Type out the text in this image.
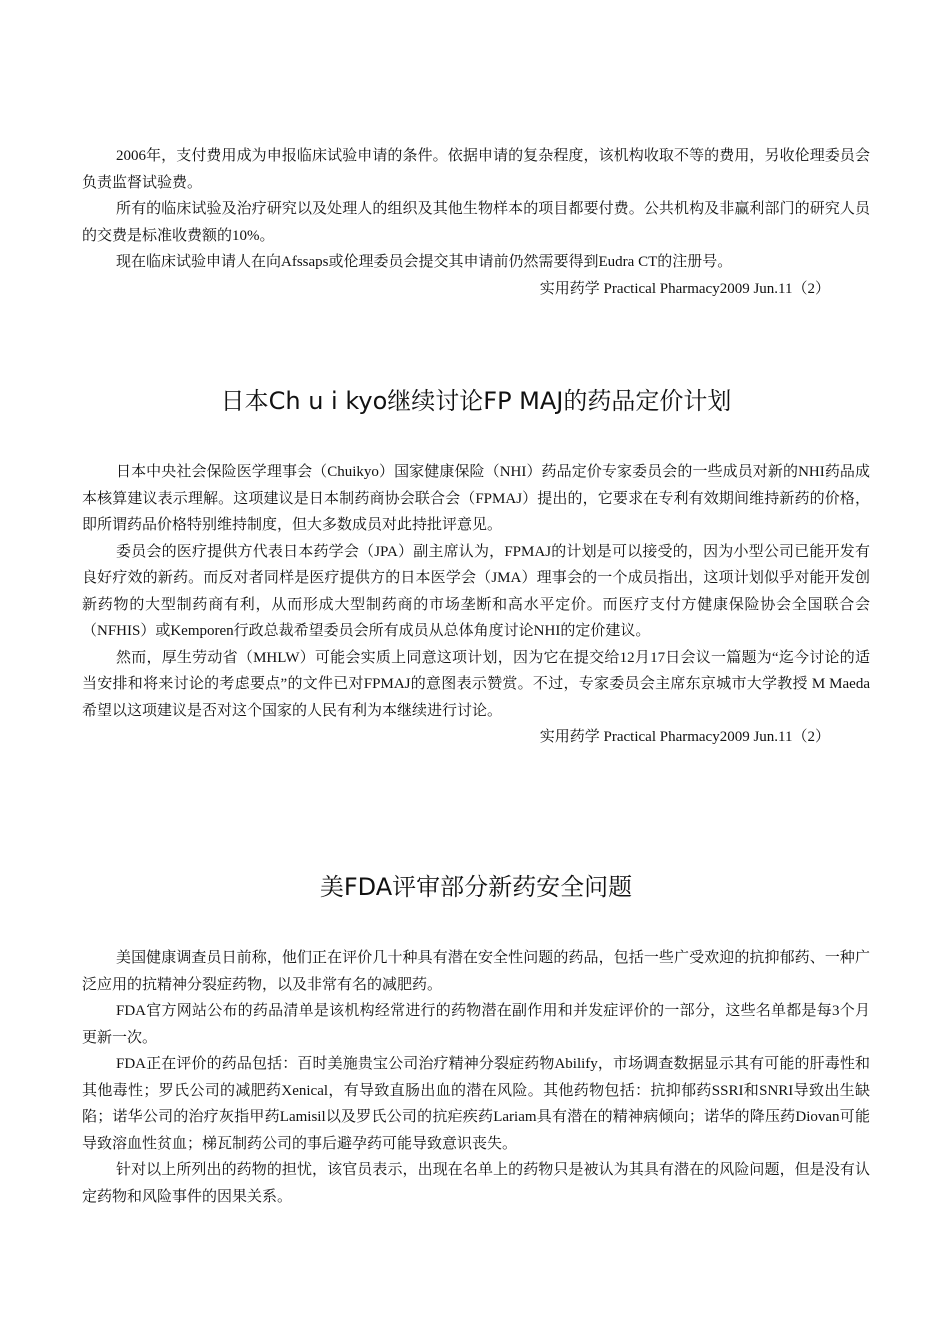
2006年，支付费用成为申报临床试验申请的条件。依据申请的复杂程度，该机构收取不等的费用，另收伦理委员会负责监督试验费。

所有的临床试验及治疗研究以及处理人的组织及其他生物样本的项目都要付费。公共机构及非赢利部门的研究人员的交费是标准收费额的10%。

现在临床试验申请人在向Afssaps或伦理委员会提交其申请前仍然需要得到Eudra CT的注册号。

实用药学 Practical Pharmacy2009 Jun.11（2）

日本Ch u i kyo继续讨论FP MAJ的药品定价计划

日本中央社会保险医学理事会（Chuikyo）国家健康保险（NHI）药品定价专家委员会的一些成员对新的NHI药品成本核算建议表示理解。这项建议是日本制药商协会联合会（FPMAJ）提出的，它要求在专利有效期间维持新药的价格，即所谓药品价格特别维持制度，但大多数成员对此持批评意见。

委员会的医疗提供方代表日本药学会（JPA）副主席认为，FPMAJ的计划是可以接受的，因为小型公司已能开发有良好疗效的新药。而反对者同样是医疗提供方的日本医学会（JMA）理事会的一个成员指出，这项计划似乎对能开发创新药物的大型制药商有利，从而形成大型制药商的市场垄断和高水平定价。而医疗支付方健康保险协会全国联合会（NFHIS）或Kemporen行政总裁希望委员会所有成员从总体角度讨论NHI的定价建议。

然而，厚生劳动省（MHLW）可能会实质上同意这项计划，因为它在提交给12月17日会议一篇题为“迄今讨论的适当安排和将来讨论的考虑要点”的文件已对FPMAJ的意图表示赞赏。不过，专家委员会主席东京城市大学教授 M Maeda希望以这项建议是否对这个国家的人民有利为本继续进行讨论。

实用药学 Practical Pharmacy2009 Jun.11（2）

美FDA评审部分新药安全问题

美国健康调查员日前称，他们正在评价几十种具有潜在安全性问题的药品，包括一些广受欢迎的抗抑郁药、一种广泛应用的抗精神分裂症药物，以及非常有名的减肥药。

FDA官方网站公布的药品清单是该机构经常进行的药物潜在副作用和并发症评价的一部分，这些名单都是每3个月更新一次。

FDA正在评价的药品包括：百时美施贵宝公司治疗精神分裂症药物Abilify，市场调查数据显示其有可能的肝毒性和其他毒性；罗氏公司的减肥药Xenical，有导致直肠出血的潜在风险。其他药物包括：抗抑郁药SSRI和SNRI导致出生缺陷；诺华公司的治疗灰指甲药Lamisil以及罗氏公司的抗疟疾药Lariam具有潜在的精神病倾向；诺华的降压药Diovan可能导致溶血性贫血；梯瓦制药公司的事后避孕药可能导致意识丧失。

针对以上所列出的药物的担忧，该官员表示，出现在名单上的药物只是被认为其具有潜在的风险问题，但是没有认定药物和风险事件的因果关系。
